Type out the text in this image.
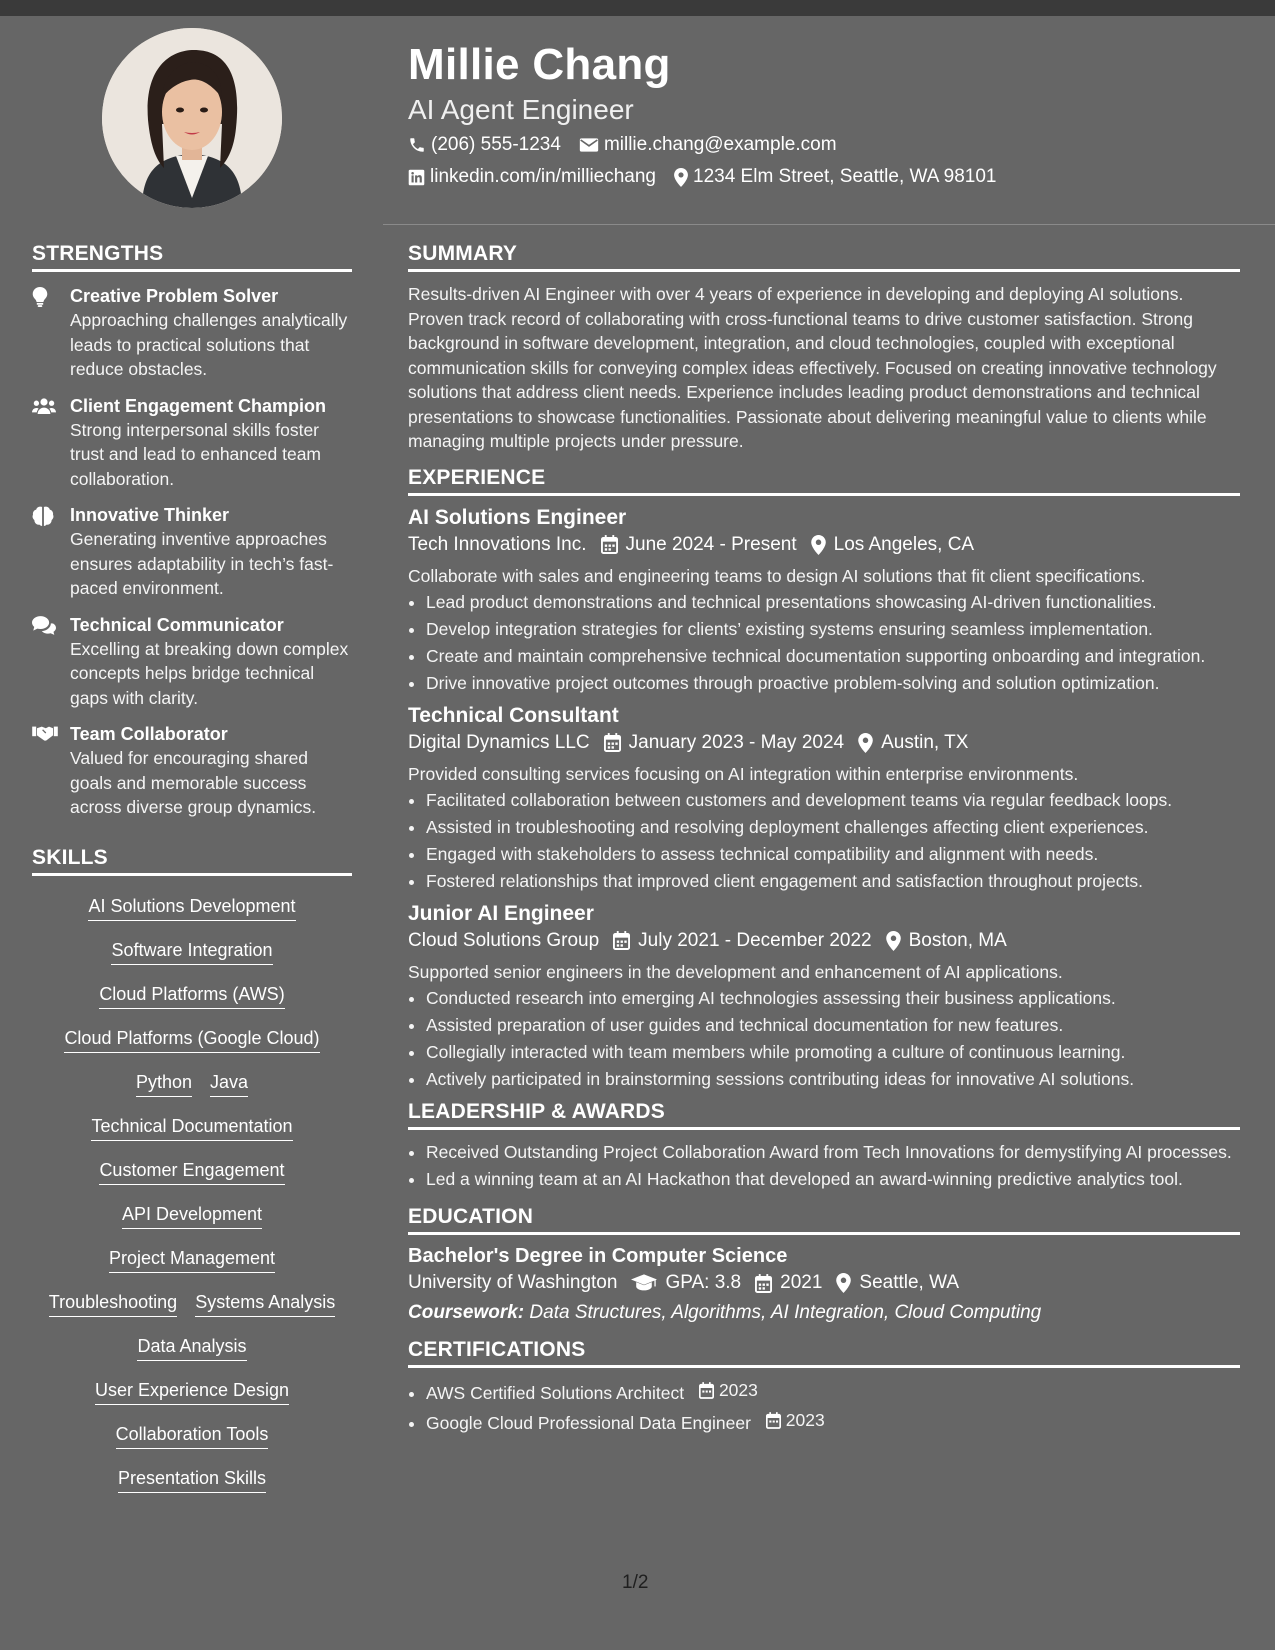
Millie Chang
AI Agent Engineer
(206) 555-1234 millie.chang@example.com
linkedin.com/in/milliechang 1234 Elm Street, Seattle, WA 98101
STRENGTHS
Creative Problem Solver
Approaching challenges analytically leads to practical solutions that reduce obstacles.
Client Engagement Champion
Strong interpersonal skills foster trust and lead to enhanced team collaboration.
Innovative Thinker
Generating inventive approaches ensures adaptability in tech’s fast-paced environment.
Technical Communicator
Excelling at breaking down complex concepts helps bridge technical gaps with clarity.
Team Collaborator
Valued for encouraging shared goals and memorable success across diverse group dynamics.
SKILLS
AI Solutions Development
Software Integration
Cloud Platforms (AWS)
Cloud Platforms (Google Cloud)
Python Java
Technical Documentation
Customer Engagement
API Development
Project Management
Troubleshooting Systems Analysis
Data Analysis
User Experience Design
Collaboration Tools
Presentation Skills
SUMMARY
Results-driven AI Engineer with over 4 years of experience in developing and deploying AI solutions. Proven track record of collaborating with cross-functional teams to drive customer satisfaction. Strong background in software development, integration, and cloud technologies, coupled with exceptional communication skills for conveying complex ideas effectively. Focused on creating innovative technology solutions that address client needs. Experience includes leading product demonstrations and technical presentations to showcase functionalities. Passionate about delivering meaningful value to clients while managing multiple projects under pressure.
EXPERIENCE
AI Solutions Engineer
Tech Innovations Inc. June 2024 - Present Los Angeles, CA
Collaborate with sales and engineering teams to design AI solutions that fit client specifications.
• Lead product demonstrations and technical presentations showcasing AI-driven functionalities.
• Develop integration strategies for clients’ existing systems ensuring seamless implementation.
• Create and maintain comprehensive technical documentation supporting onboarding and integration.
• Drive innovative project outcomes through proactive problem-solving and solution optimization.
Technical Consultant
Digital Dynamics LLC January 2023 - May 2024 Austin, TX
Provided consulting services focusing on AI integration within enterprise environments.
• Facilitated collaboration between customers and development teams via regular feedback loops.
• Assisted in troubleshooting and resolving deployment challenges affecting client experiences.
• Engaged with stakeholders to assess technical compatibility and alignment with needs.
• Fostered relationships that improved client engagement and satisfaction throughout projects.
Junior AI Engineer
Cloud Solutions Group July 2021 - December 2022 Boston, MA
Supported senior engineers in the development and enhancement of AI applications.
• Conducted research into emerging AI technologies assessing their business applications.
• Assisted preparation of user guides and technical documentation for new features.
• Collegially interacted with team members while promoting a culture of continuous learning.
• Actively participated in brainstorming sessions contributing ideas for innovative AI solutions.
LEADERSHIP & AWARDS
• Received Outstanding Project Collaboration Award from Tech Innovations for demystifying AI processes.
• Led a winning team at an AI Hackathon that developed an award-winning predictive analytics tool.
EDUCATION
Bachelor's Degree in Computer Science
University of Washington	GPA: 3.8 2021 Seattle, WA
Coursework: Data Structures, Algorithms, AI Integration, Cloud Computing
CERTIFICATIONS
• AWS Certified Solutions Architect 2023
• Google Cloud Professional Data Engineer 2023
1/2
